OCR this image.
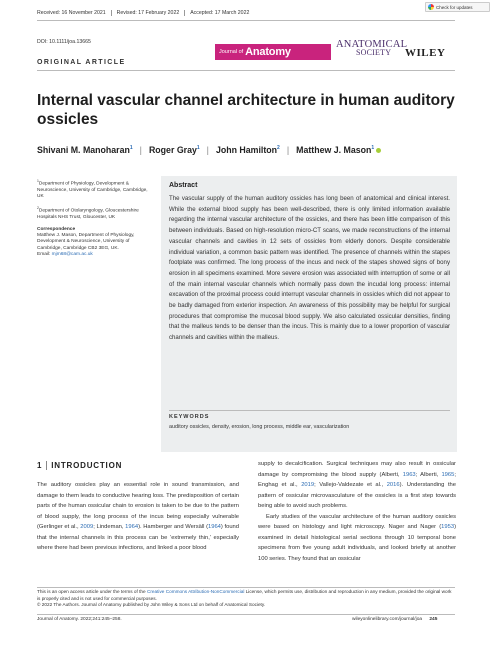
Check for updates
Received: 16 November 2021	Revised: 17 February 2022	Accepted: 17 March 2022
DOI: 10.1111/joa.13665
Journal of Anatomy
ANATOMICAL
SOCIETY	WILEY
ORIGINAL ARTICLE
Internal vascular channel architecture in human auditory ossicles
Shivani M. Manoharan$^1$ | Roger Gray$^1$ | John Hamilton$^2$ | Matthew J. Mason$^1$

$^1$Department of Physiology, Development & Neuroscience, University of Cambridge, Cambridge, UK

$^2$Department of Otolaryngology, Gloucestershire Hospitals NHS Trust, Gloucester, UK

Correspondence

Matthew J. Mason, Department of Physiology, Development & Neuroscience, University of Cambridge, Cambridge CB2 3EG, UK.
Email: mjm68@cam.ac.uk

Abstract
The vascular supply of the human auditory ossicles has long been of anatomical and clinical interest. While the external blood supply has been well-described, there is only limited information available regarding the internal vascular architecture of the ossicles, and there has been little comparison of this between individuals. Based on high-resolution micro-CT scans, we made reconstructions of the internal vascular channels and cavities in 12 sets of ossicles from elderly donors. Despite considerable individual variation, a common basic pattern was identified. The presence of channels within the stapes footplate was confirmed. The long process of the incus and neck of the stapes showed signs of bony erosion in all specimens examined. More severe erosion was associated with interruption of some or all of the main internal vascular channels which normally pass down the incudal long process: internal excavation of the proximal process could interrupt vascular channels in ossicles which did not appear to be badly damaged from exterior inspection. An awareness of this possibility may be helpful for surgical procedures that compromise the mucosal blood supply. We also calculated ossicular densities, finding that the malleus tends to be denser than the incus. This is mainly due to a lower proportion of vascular channels and cavities within the malleus.
KEYWORDS
auditory ossicles, density, erosion, long process, middle ear, vascularization
1 INTRODUCTION
The auditory ossicles play an essential role in sound transmission, and damage to them leads to conductive hearing loss. The predisposition of certain parts of the human ossicular chain to erosion is taken to be due to the pattern of blood supply, the long process of the incus being especially vulnerable (Gerlinger et al., 2009; Lindeman, 1964). Hamberger and Wersäll (1964) found that the internal channels in this process can be ‘extremely thin,’ especially where there had been previous infections, and linked a poor blood

supply to decalcification. Surgical techniques may also result in ossicular damage by compromising the blood supply (Alberti, 1963; Alberti, 1965; Enghag et al., 2019; Vallejo-Valdezate et al., 2016). Understanding the pattern of ossicular microvasculature of the ossicles is a first step towards being able to avoid such problems.

Early studies of the vascular architecture of the human auditory ossicles were based on histology and light microscopy. Nager and Nager (1953) examined in detail histological serial sections through 10 temporal bone specimens from five young adult individuals, and looked briefly at another 100 series. They found that an ossicular

This is an open access article under the terms of the Creative Commons Attribution-NonCommercial License, which permits use, distribution and reproduction in any medium, provided the original work is properly cited and is not used for commercial purposes.
© 2022 The Authors. Journal of Anatomy published by John Wiley & Sons Ltd on behalf of Anatomical Society.
Journal of Anatomy. 2022;241:245–258.	wileyonlinelibrary.com/journal/joa 245
